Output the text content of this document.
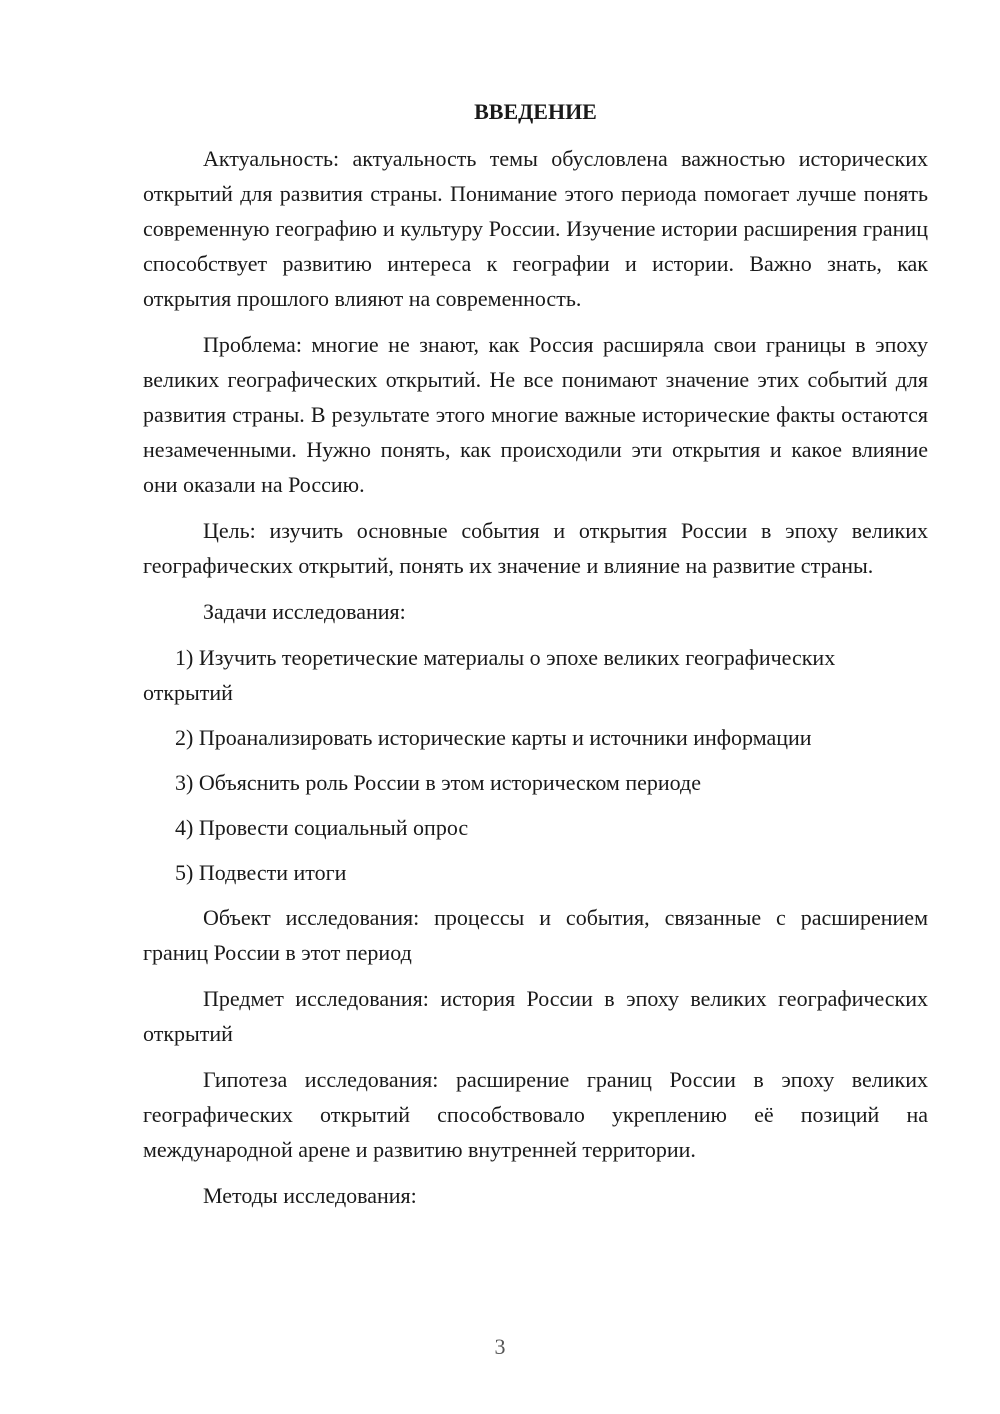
ВВЕДЕНИЕ

Актуальность: актуальность темы обусловлена важностью исторических открытий для развития страны. Понимание этого периода помогает лучше понять современную географию и культуру России. Изучение истории расширения границ способствует развитию интереса к географии и истории. Важно знать, как открытия прошлого влияют на современность.

Проблема: многие не знают, как Россия расширяла свои границы в эпоху великих географических открытий. Не все понимают значение этих событий для развития страны. В результате этого многие важные исторические факты остаются незамеченными. Нужно понять, как происходили эти открытия и какое влияние они оказали на Россию.

Цель: изучить основные события и открытия России в эпоху великих географических открытий, понять их значение и влияние на развитие страны.

Задачи исследования:

1) Изучить теоретические материалы о эпохе великих географических открытий

2) Проанализировать исторические карты и источники информации

3) Объяснить роль России в этом историческом периоде

4) Провести социальный опрос

5) Подвести итоги

Объект исследования: процессы и события, связанные с расширением границ России в этот период

Предмет исследования: история России в эпоху великих географических открытий

Гипотеза исследования: расширение границ России в эпоху великих географических открытий способствовало укреплению её позиций на международной арене и развитию внутренней территории.

Методы исследования:

3
